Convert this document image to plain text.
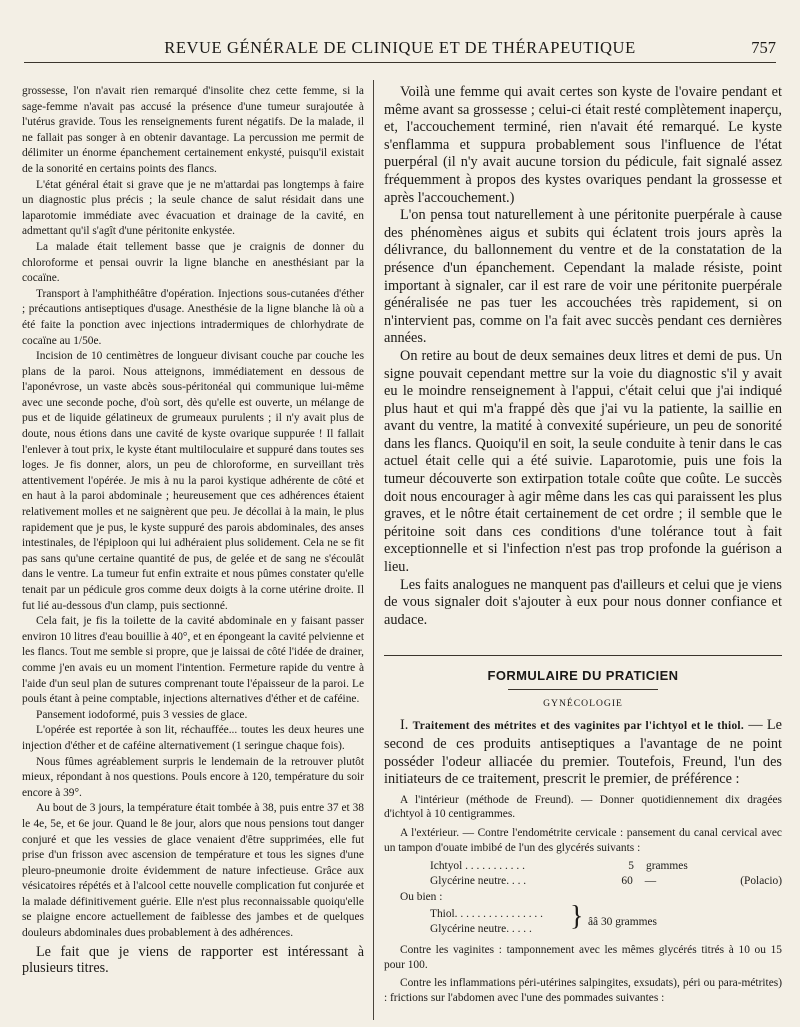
REVUE GÉNÉRALE DE CLINIQUE ET DE THÉRAPEUTIQUE	757

grossesse, l'on n'avait rien remarqué d'insolite chez cette femme, si la sage-femme n'avait pas accusé la présence d'une tumeur surajoutée à l'utérus gravide. Tous les renseignements furent négatifs. De la malade, il ne fallait pas songer à en obtenir davantage. La percussion me permit de délimiter un énorme épanchement certainement enkysté, puisqu'il existait de la sonorité en certains points des flancs.

L'état général était si grave que je ne m'attardai pas longtemps à faire un diagnostic plus précis ; la seule chance de salut résidait dans une laparotomie immédiate avec évacuation et drainage de la cavité, en admettant qu'il s'agît d'une péritonite enkystée.

La malade était tellement basse que je craignis de donner du chloroforme et pensai ouvrir la ligne blanche en anesthésiant par la cocaïne.

Transport à l'amphithéâtre d'opération. Injections sous-cutanées d'éther ; précautions antiseptiques d'usage. Anesthésie de la ligne blanche là où a été faite la ponction avec injections intradermiques de chlorhydrate de cocaïne au 1/50e.

Incision de 10 centimètres de longueur divisant couche par couche les plans de la paroi. Nous atteignons, immédiatement en dessous de l'aponévrose, un vaste abcès sous-péritonéal qui communique lui-même avec une seconde poche, d'où sort, dès qu'elle est ouverte, un mélange de pus et de liquide gélatineux de grumeaux purulents ; il n'y avait plus de doute, nous étions dans une cavité de kyste ovarique suppurée ! Il fallait l'enlever à tout prix, le kyste étant multiloculaire et suppuré dans toutes ses loges. Je fis donner, alors, un peu de chloroforme, en surveillant très attentivement l'opérée. Je mis à nu la paroi kystique adhérente de côté et en haut à la paroi abdominale ; heureusement que ces adhérences étaient relativement molles et ne saignèrent que peu. Je décollai à la main, le plus rapidement que je pus, le kyste suppuré des parois abdominales, des anses intestinales, de l'épiploon qui lui adhéraient plus solidement. Cela ne se fit pas sans qu'une certaine quantité de pus, de gelée et de sang ne s'écoulât dans le ventre. La tumeur fut enfin extraite et nous pûmes constater qu'elle tenait par un pédicule gros comme deux doigts à la corne utérine droite. Il fut lié au-dessous d'un clamp, puis sectionné.

Cela fait, je fis la toilette de la cavité abdominale en y faisant passer environ 10 litres d'eau bouillie à 40°, et en épongeant la cavité pelvienne et les flancs. Tout me semble si propre, que je laissai de côté l'idée de drainer, comme j'en avais eu un moment l'intention. Fermeture rapide du ventre à l'aide d'un seul plan de sutures comprenant toute l'épaisseur de la paroi. Le pouls étant à peine comptable, injections alternatives d'éther et de caféine.

Pansement iodoformé, puis 3 vessies de glace.

L'opérée est reportée à son lit, réchauffée... toutes les deux heures une injection d'éther et de caféine alternativement (1 seringue chaque fois).

Nous fûmes agréablement surpris le lendemain de la retrouver plutôt mieux, répondant à nos questions. Pouls encore à 120, température du soir encore à 39°.

Au bout de 3 jours, la température était tombée à 38, puis entre 37 et 38 le 4e, 5e, et 6e jour. Quand le 8e jour, alors que nous pensions tout danger conjuré et que les vessies de glace venaient d'être supprimées, elle fut prise d'un frisson avec ascension de température et tous les signes d'une pleuro-pneumonie droite évidemment de nature infectieuse. Grâce aux vésicatoires répétés et à l'alcool cette nouvelle complication fut conjurée et la malade définitivement guérie. Elle n'est plus reconnaissable quoiqu'elle se plaigne encore actuellement de faiblesse des jambes et de quelques douleurs abdominales dues probablement à des adhérences.

Le fait que je viens de rapporter est intéressant à plusieurs titres.

Voilà une femme qui avait certes son kyste de l'ovaire pendant et même avant sa grossesse ; celui-ci était resté complètement inaperçu, et, l'accouchement terminé, rien n'avait été remarqué. Le kyste s'enflamma et suppura probablement sous l'influence de l'état puerpéral (il n'y avait aucune torsion du pédicule, fait signalé assez fréquemment à propos des kystes ovariques pendant la grossesse et après l'accouchement.)

L'on pensa tout naturellement à une péritonite puerpérale à cause des phénomènes aigus et subits qui éclatent trois jours après la délivrance, du ballonnement du ventre et de la constatation de la présence d'un épanchement. Cependant la malade résiste, point important à signaler, car il est rare de voir une péritonite puerpérale généralisée ne pas tuer les accouchées très rapidement, si on n'intervient pas, comme on l'a fait avec succès pendant ces dernières années.

On retire au bout de deux semaines deux litres et demi de pus. Un signe pouvait cependant mettre sur la voie du diagnostic s'il y avait eu le moindre renseignement à l'appui, c'était celui que j'ai indiqué plus haut et qui m'a frappé dès que j'ai vu la patiente, la saillie en avant du ventre, la matité à convexité supérieure, un peu de sonorité dans les flancs. Quoiqu'il en soit, la seule conduite à tenir dans le cas actuel était celle qui a été suivie. Laparotomie, puis une fois la tumeur découverte son extirpation totale coûte que coûte. Le succès doit nous encourager à agir même dans les cas qui paraissent les plus graves, et le nôtre était certainement de cet ordre ; il semble que le péritoine soit dans ces conditions d'une tolérance tout à fait exceptionnelle et si l'infection n'est pas trop profonde la guérison a lieu.

Les faits analogues ne manquent pas d'ailleurs et celui que je viens de vous signaler doit s'ajouter à eux pour nous donner confiance et audace.

FORMULAIRE DU PRATICIEN
GYNÉCOLOGIE

I. Traitement des métrites et des vaginites par l'ichtyol et le thiol. — Le second de ces produits antiseptiques a l'avantage de ne point posséder l'odeur alliacée du premier. Toutefois, Freund, l'un des initiateurs de ce traitement, prescrit le premier, de préférence :

A l'intérieur (méthode de Freund). — Donner quotidiennement dix dragées d'ichtyol à 10 centigrammes.

A l'extérieur. — Contre l'endométrite cervicale : pansement du canal cervical avec un tampon d'ouate imbibé de l'un des glycérés suivants :

Ichtyol . . . . . . . . . . .	5	grammes
Glycérine neutre. . . .	60	—	(Polacio)
Ou bien :
Thiol. . . . . . . . . . . . . . . .
Glycérine neutre. . . . .	} ââ 30 grammes

Contre les vaginites : tamponnement avec les mêmes glycérés titrés à 10 ou 15 pour 100.

Contre les inflammations péri-utérines salpingites, exsudats), péri ou para-métrites) : frictions sur l'abdomen avec l'une des pommades suivantes :
